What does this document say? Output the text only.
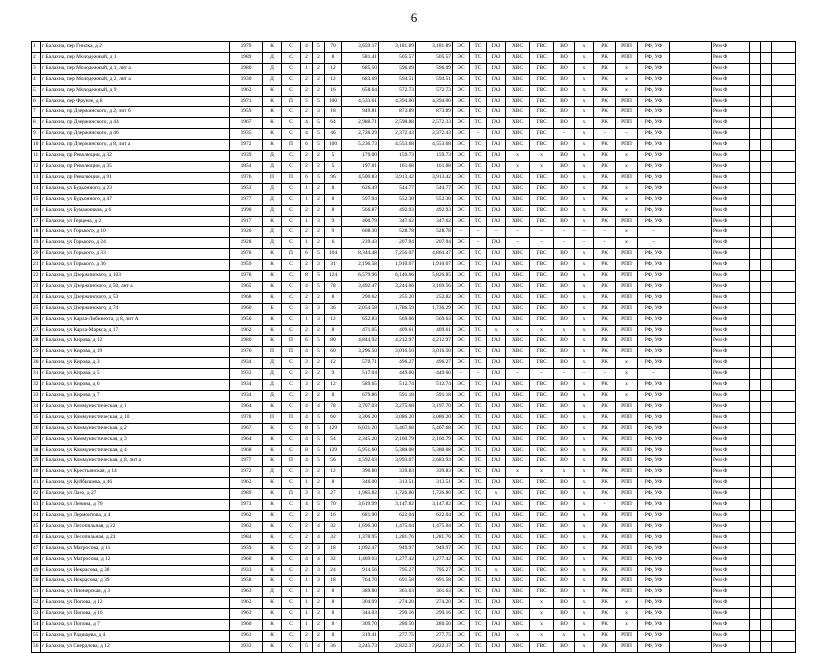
6
1	г Балахна, пер Гнилка, д 2	1979	К	С	4	5	70	3,659.17	3,181.89	3,181.89	ЭС	ТС	ГАЗ	ХВС	ГВС	ВО	х	РК	РПП	РФ, УФ		Рем Ф			
2	г Балахна, пер Молодежный, д 1	1989	Д	С	2	2	8	581.41	505.57	505.57	ЭС	ТС	ГАЗ	ХВС	ГВС	ВО	х	РК	РПП	РФ, УФ		Рем Ф			
3	г Балахна, пер Молодежный, д 1, лит а	1980	Д	С	1	2	12	685.50	596.09	596.09	ЭС	ТС	ГАЗ	ХВС	ГВС	ВО	х	РК	х	РФ, УФ		Рем Ф			
4	г Балахна, пер Молодежный, д 2, лит а	1930	Д	С	2	2	12	683.69	594.51	594.51	ЭС	ТС	ГАЗ	ХВС	ГВС	ВО	х	РК	х	РФ, УФ		Рем Ф			
5	г Балахна, пер Молодежный, д 9	1963	К	С	2	2	16	658.64	572.73	572.73	ЭС	ТС	ГАЗ	ХВС	ГВС	ВО	х	РК	х	РФ, УФ		Рем Ф			
6	г Балахна, пер Фрунзе, д 8	1971	К	П	5	5	100	4,533.61	4,394.00	4,394.00	ЭС	ТС	ГАЗ	ХВС	ГВС	ВО	х	РК	РПП	РФ, УФ		Рем Ф			
7	г Балахна, пр Дзержинского, д 2, лит б	1959	К	С	2	3	18	949.81	873.89	873.89	ЭС	ТС	ГАЗ	ХВС	ГВС	ВО	х	РК	РПП	РФ, УФ		Рем Ф			
8	г Балахна, пр Дзержинского, д 44	1967	К	С	4	5	64	2,988.71	2,598.88	2,572.33	ЭС	ТС	ГАЗ	ХВС	ГВС	ВО	х	РК	РПП	РФ, УФ		Рем Ф			
9	г Балахна, пр Дзержинского, д 46	1935	К	С	4	5	46	2,728.29	2,372.43	2,372.43	ЭС	-	ГАЗ	ХВС	ГВС	-	х	-	-	РФ, УФ		Рем Ф			
10	г Балахна, пр Дзержинского, д 8, лит а	1972	К	П	6	5	100	5,236.73	4,553.68	4,553.68	ЭС	ТС	ГАЗ	ХВС	ГВС	ВО	х	РК	РПП	РФ, УФ		Рем Ф			
11	г Балахна, пр Революции, д 32	1939	Д	С	2	2	5	179.00	159.73	159.73	ЭС	ТС	ГАЗ	х	х	ВО	х	РК	х	РФ, УФ		Рем Ф			
12	г Балахна, пр Революции, д 35	1854	Д	С	2	2	5	197.81	161.08	161.08	ЭС	ТС	ГАЗ	х	х	ВО	х	РК	х	РФ, УФ		Рем Ф			
13	г Балахна, пр Революции, д 91	1976	П	П	6	5	96	4,500.83	3,913.42	3,913.42	ЭС	ТС	ГАЗ	ХВС	ГВС	ВО	х	РК	РПП	РФ, УФ		Рем Ф			
14	г Балахна, ул Будьонного, д 23	1953	Д	С	1	2	8	626.49	544.77	544.77	ЭС	ТС	ГАЗ	ХВС	ГВС	ВО	х	РК	х	РФ, УФ		Рем Ф			
15	г Балахна, ул Будьонного, д 47	1977	Д	С	1	2	8	597.94	552.30	552.30	ЭС	ТС	ГАЗ	ХВС	ГВС	ВО	х	РК	х	РФ, УФ		Рем Ф			
16	г Балахна, ул Бумажников, д 6	1990	Д	С	2	2	8	566.87	492.93	492.93	ЭС	ТС	ГАЗ	ХВС	ГВС	ВО	х	РК	х	РФ, УФ		Рем Ф			
17	г Балахна, ул Герцена, д 2	1917	К	С	1	3	9	400.79	347.62	347.62	ЭС	ТС	ГАЗ	ХВС	ГВС	ВО	х	РК	РПП	РФ, УФ		Рем Ф			
18	г Балахна, ул Горького, д 10	1926	Д	С	2	2	9	608.30	528.78	528.78	-	-	-	-	-	-	-	-	х	-		Рем Ф			
19	г Балахна, ул Горького, д 24	1928	Д	С	1	2	6	239.43	207.94	207.94	ЭС	-	ГАЗ	-	-	-	-	-	х	-		Рем Ф			
20	г Балахна, ул Горького, д 33	1978	К	П	6	5	104	8,344.48	7,256.07	4,864.47	ЭС	ТС	ГАЗ	ХВС	ГВС	ВО	х	РК	РПП	РФ, УФ		Рем Ф			
21	г Балахна, ул Горького, д 36	1959	К	С	2	3	31	2,196.58	1,910.07	1,910.07	ЭС	ТС	ГАЗ	ХВС	ГВС	ВО	х	РК	РПП	РФ, УФ		Рем Ф			
22	г Балахна, ул Дзержинского, д 103	1978	К	С	8	5	124	6,579.96	6,140.66	5,826.85	ЭС	ТС	ГАЗ	ХВС	ГВС	ВО	х	РК	РПП	РФ, УФ		Рем Ф			
23	г Балахна, ул Дзержинского, д 50, лит а	1965	К	С	4	5	78	3,492.47	3,244.06	3,169.56	ЭС	ТС	ГАЗ	ХВС	ГВС	ВО	х	РК	РПП	РФ, УФ		Рем Ф			
24	г Балахна, ул Дзержинского, д 53	1968	К	С	2	2	8	290.62	255.20	252.82	ЭС	ТС	ГАЗ	ХВС	ГВС	ВО	х	РК	РПП	РФ, УФ		Рем Ф			
25	г Балахна, ул Дзержинского, д 74	1960	Б	С	3	3	36	2,054.58	1,786.59	1,736.29	ЭС	ТС	ГАЗ	ХВС	ГВС	ВО	х	РК	РПП	РФ, УФ		Рем Ф			
26	г Балахна, ул Карла-Либкнехта, д 8, лит А	1956	К	С	1	3	12	652.83	569.66	569.63	ЭС	ТС	ГАЗ	ХВС	ГВС	ВО	х	РК	РПП	РФ, УФ		Рем Ф			
27	г Балахна, ул Карла-Маркса, д 17	1962	К	С	2	2	8	471.05	409.61	409.61	ЭС	ТС	х	х	х	х	х	РК	РПП	РФ, УФ		Рем Ф			
28	г Балахна, ул Кирова, д 12	1980	К	П	6	5	80	4,844.92	4,212.97	4,212.97	ЭС	ТС	ГАЗ	ХВС	ГВС	ВО	х	РК	РПП	РФ, УФ		Рем Ф			
29	г Балахна, ул Кирова, д 19	1976	П	П	4	5	60	3,296.50	3,016.50	3,016.50	ЭС	ТС	ГАЗ	ХВС	ГВС	ВО	х	РК	РПП	РФ, УФ		Рем Ф			
30	г Балахна, ул Кирова, д 3	1934	Д	С	3	2	12	570.71	496.27	496.27	ЭС	ТС	ГАЗ	ХВС	ГВС	ВО	х	РК	х	РФ, УФ		Рем Ф			
31	г Балахна, ул Кирова, д 5	1933	Д	С	2	2	9	517.04	449.60	449.60	-	-	ГАЗ	-	-	-	-	-	х	-		Рем Ф			
32	г Балахна, ул Кирова, д 6	1934	Д	С	3	2	12	589.65	512.74	512.74	ЭС	ТС	ГАЗ	ХВС	ГВС	ВО	х	РК	х	РФ, УФ		Рем Ф			
33	г Балахна, ул Кирова, д 7	1934	Д	С	2	2	8	679.86	591.18	591.18	ЭС	ТС	ГАЗ	ХВС	ГВС	ВО	х	РК	х	РФ, УФ		Рем Ф			
34	г Балахна, ул Коммунистическая, д 1	1964	К	С	4	4	78	3,767.03	3,275.68	3,197.70	ЭС	ТС	ГАЗ	ХВС	ГВС	ВО	х	РК	РПП	РФ, УФ		Рем Ф			
35	г Балахна, ул Коммунистическая, д 10	1978	П	П	4	5	60	3,306.20	3,086.20	3,086.20	ЭС	ТС	ГАЗ	ХВС	ГВС	ВО	х	РК	РПП	РФ, УФ		Рем Ф			
36	г Балахна, ул Коммунистическая, д 2	1967	К	С	8	5	129	6,031.20	5,467.68	5,467.68	ЭС	ТС	ГАЗ	ХВС	ГВС	ВО	х	РК	РПП	РФ, УФ		Рем Ф			
37	г Балахна, ул Коммунистическая, д 3	1964	К	С	4	5	54	2,345.20	2,160.79	2,160.79	ЭС	ТС	ГАЗ	ХВС	ГВС	ВО	х	РК	РПП	РФ, УФ		Рем Ф			
38	г Балахна, ул Коммунистическая, д 4	1968	К	С	8	5	129	5,951.60	5,388.08	5,388.08	ЭС	ТС	ГАЗ	ХВС	ГВС	ВО	х	РК	РПП	РФ, УФ		Рем Ф			
39	г Балахна, ул Коммунистическая, д 8, лит а	1977	К	П	4	5	56	4,592.03	3,993.07	2,683.93	ЭС	ТС	ГАЗ	ХВС	ГВС	ВО	х	РК	РПП	РФ, УФ		Рем Ф			
40	г Балахна, ул Крестьянская, д 14	1972	Д	С	3	2	12	390.80	339.83	339.83	ЭС	ТС	ГАЗ	х	х	х	х	РК	РПП	РФ, УФ		Рем Ф			
41	г Балахна, ул Куйбышева, д 46	1963	К	С	1	2	8	346.00	313.51	313.51	ЭС	ТС	ГАЗ	ХВС	ГВС	ВО	х	РК	РПП	РФ, УФ		Рем Ф			
42	г Балахна, ул Лазо, д 27	1989	К	П	3	3	27	1,985.82	1,726.80	1,726.80	ЭС	ТС	х	ХВС	ГВС	ВО	х	РК	РПП	РФ, УФ		Рем Ф			
43	г Балахна, ул Ленина, д 70	1973	К	С	4	5	70	3,619.99	3,147.82	3,147.82	ЭС	ТС	ГАЗ	ХВС	ГВС	ВО	х	-	РПП	РФ, УФ		Рем Ф			
44	г Балахна, ул Лермонтова, д 4	1962	К	С	2	2	16	681.90	622.04	622.04	ЭС	ТС	ГАЗ	ХВС	ГВС	ВО	х	РК	РПП	РФ, УФ		Рем Ф			
45	г Балахна, ул Лесопильная, д 22	1963	К	С	2	4	32	1,696.30	1,475.04	1,475.04	ЭС	ТС	ГАЗ	ХВС	ГВС	ВО	х	РК	РПП	РФ, УФ		Рем Ф			
46	г Балахна, ул Лесопильная, д 23	1984	К	С	2	4	32	1,378.95	1,281.76	1,281.76	ЭС	ТС	ГАЗ	ХВС	ГВС	ВО	х	РК	РПП	РФ, УФ		Рем Ф			
47	г Балахна, ул Матросова, д 11	1959	К	С	2	3	18	1,092.47	949.97	949.97	ЭС	ТС	ГАЗ	ХВС	ГВС	ВО	х	РК	РПП	РФ, УФ		Рем Ф			
48	г Балахна, ул Матросова, д 12	1960	К	С	4	4	32	1,469.03	1,277.42	1,277.42	ЭС	ТС	ГАЗ	ХВС	ГВС	ВО	х	РК	РПП	РФ, УФ		Рем Ф			
49	г Балахна, ул Некрасова, д 38	1933	К	С	2	3	24	914.56	795.27	795.27	ЭС	ТС	х	ХВС	ГВС	ВО	х	РК	РПП	РФ, УФ		Рем Ф			
50	г Балахна, ул Некрасова, д 39	1958	К	С	1	3	18	764.70	691.58	691.58	ЭС	ТС	ГАЗ	ХВС	ГВС	ВО	х	РК	РПП	РФ, УФ		Рем Ф			
51	г Балахна, ул Пионерская, д 3	1963	Д	С	1	2	8	389.80	361.63	361.63	ЭС	ТС	ГАЗ	ХВС	ГВС	ВО	х	РК	РПП	РФ, УФ		Рем Ф			
52	г Балахна, ул Попова, д 12	1963	К	С	1	2	8	304.99	274.20	274.20	ЭС	ТС	ГАЗ	ХВС	х	ВО	х	РК	х	РФ, УФ		Рем Ф			
53	г Балахна, ул Попова, д 16	1963	К	С	1	2	8	344.03	299.16	299.16	ЭС	ТС	ГАЗ	ХВС	х	ВО	х	РК	х	РФ, УФ		Рем Ф			
54	г Балахна, ул Попова, д 7	1960	К	С	1	2	8	309.70	280.50	280.50	ЭС	ТС	ГАЗ	ХВС	х	ВО	х	РК	х	РФ, УФ		Рем Ф			
55	г Балахна, ул Радищева, д 4	1961	К	С	2	2	8	319.41	277.75	277.75	ЭС	ТС	ГАЗ	х	х	х	х	РК	РПП	РФ, УФ		Рем Ф			
56	г Балахна, ул Свердлова, д 12	1933	К	С	5	4	36	3,245.73	2,822.37	2,822.37	ЭС	ТС	ГАЗ	ХВС	ГВС	ВО	х	РК	РПП	РФ, УФ		Рем Ф			
